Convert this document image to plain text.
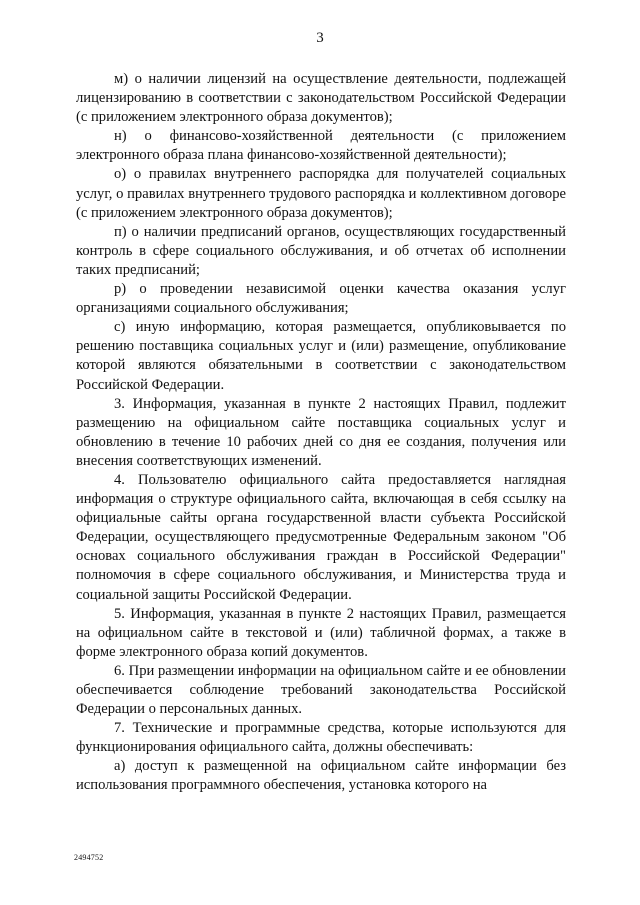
3

м) о наличии лицензий на осуществление деятельности, подлежащей лицензированию в соответствии с законодательством Российской Федерации (с приложением электронного образа документов);

н) о финансово-хозяйственной деятельности (с приложением электронного образа плана финансово-хозяйственной деятельности);

о) о правилах внутреннего распорядка для получателей социальных услуг, о правилах внутреннего трудового распорядка и коллективном договоре (с приложением электронного образа документов);

п) о наличии предписаний органов, осуществляющих государственный контроль в сфере социального обслуживания, и об отчетах об исполнении таких предписаний;

р) о проведении независимой оценки качества оказания услуг организациями социального обслуживания;

с) иную информацию, которая размещается, опубликовывается по решению поставщика социальных услуг и (или) размещение, опубликование которой являются обязательными в соответствии с законодательством Российской Федерации.

3. Информация, указанная в пункте 2 настоящих Правил, подлежит размещению на официальном сайте поставщика социальных услуг и обновлению в течение 10 рабочих дней со дня ее создания, получения или внесения соответствующих изменений.

4. Пользователю официального сайта предоставляется наглядная информация о структуре официального сайта, включающая в себя ссылку на официальные сайты органа государственной власти субъекта Российской Федерации, осуществляющего предусмотренные Федеральным законом "Об основах социального обслуживания граждан в Российской Федерации" полномочия в сфере социального обслуживания, и Министерства труда и социальной защиты Российской Федерации.

5. Информация, указанная в пункте 2 настоящих Правил, размещается на официальном сайте в текстовой и (или) табличной формах, а также в форме электронного образа копий документов.

6. При размещении информации на официальном сайте и ее обновлении обеспечивается соблюдение требований законодательства Российской Федерации о персональных данных.

7. Технические и программные средства, которые используются для функционирования официального сайта, должны обеспечивать:

а) доступ к размещенной на официальном сайте информации без использования программного обеспечения, установка которого на

2494752
